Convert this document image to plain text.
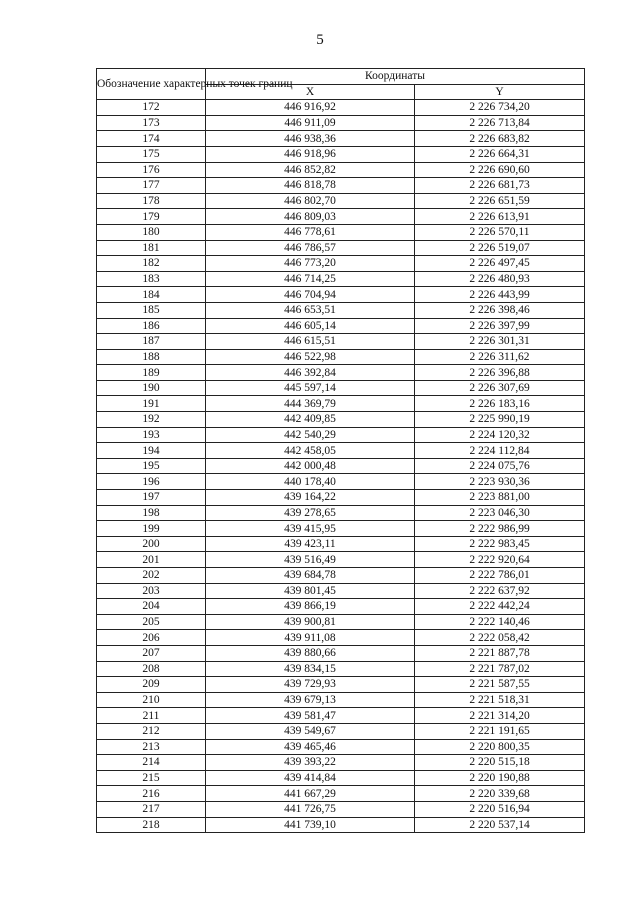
5
Обозначение характерных точек границ	Координаты	
	X	Y
172	446 916,92	2 226 734,20
173	446 911,09	2 226 713,84
174	446 938,36	2 226 683,82
175	446 918,96	2 226 664,31
176	446 852,82	2 226 690,60
177	446 818,78	2 226 681,73
178	446 802,70	2 226 651,59
179	446 809,03	2 226 613,91
180	446 778,61	2 226 570,11
181	446 786,57	2 226 519,07
182	446 773,20	2 226 497,45
183	446 714,25	2 226 480,93
184	446 704,94	2 226 443,99
185	446 653,51	2 226 398,46
186	446 605,14	2 226 397,99
187	446 615,51	2 226 301,31
188	446 522,98	2 226 311,62
189	446 392,84	2 226 396,88
190	445 597,14	2 226 307,69
191	444 369,79	2 226 183,16
192	442 409,85	2 225 990,19
193	442 540,29	2 224 120,32
194	442 458,05	2 224 112,84
195	442 000,48	2 224 075,76
196	440 178,40	2 223 930,36
197	439 164,22	2 223 881,00
198	439 278,65	2 223 046,30
199	439 415,95	2 222 986,99
200	439 423,11	2 222 983,45
201	439 516,49	2 222 920,64
202	439 684,78	2 222 786,01
203	439 801,45	2 222 637,92
204	439 866,19	2 222 442,24
205	439 900,81	2 222 140,46
206	439 911,08	2 222 058,42
207	439 880,66	2 221 887,78
208	439 834,15	2 221 787,02
209	439 729,93	2 221 587,55
210	439 679,13	2 221 518,31
211	439 581,47	2 221 314,20
212	439 549,67	2 221 191,65
213	439 465,46	2 220 800,35
214	439 393,22	2 220 515,18
215	439 414,84	2 220 190,88
216	441 667,29	2 220 339,68
217	441 726,75	2 220 516,94
218	441 739,10	2 220 537,14
